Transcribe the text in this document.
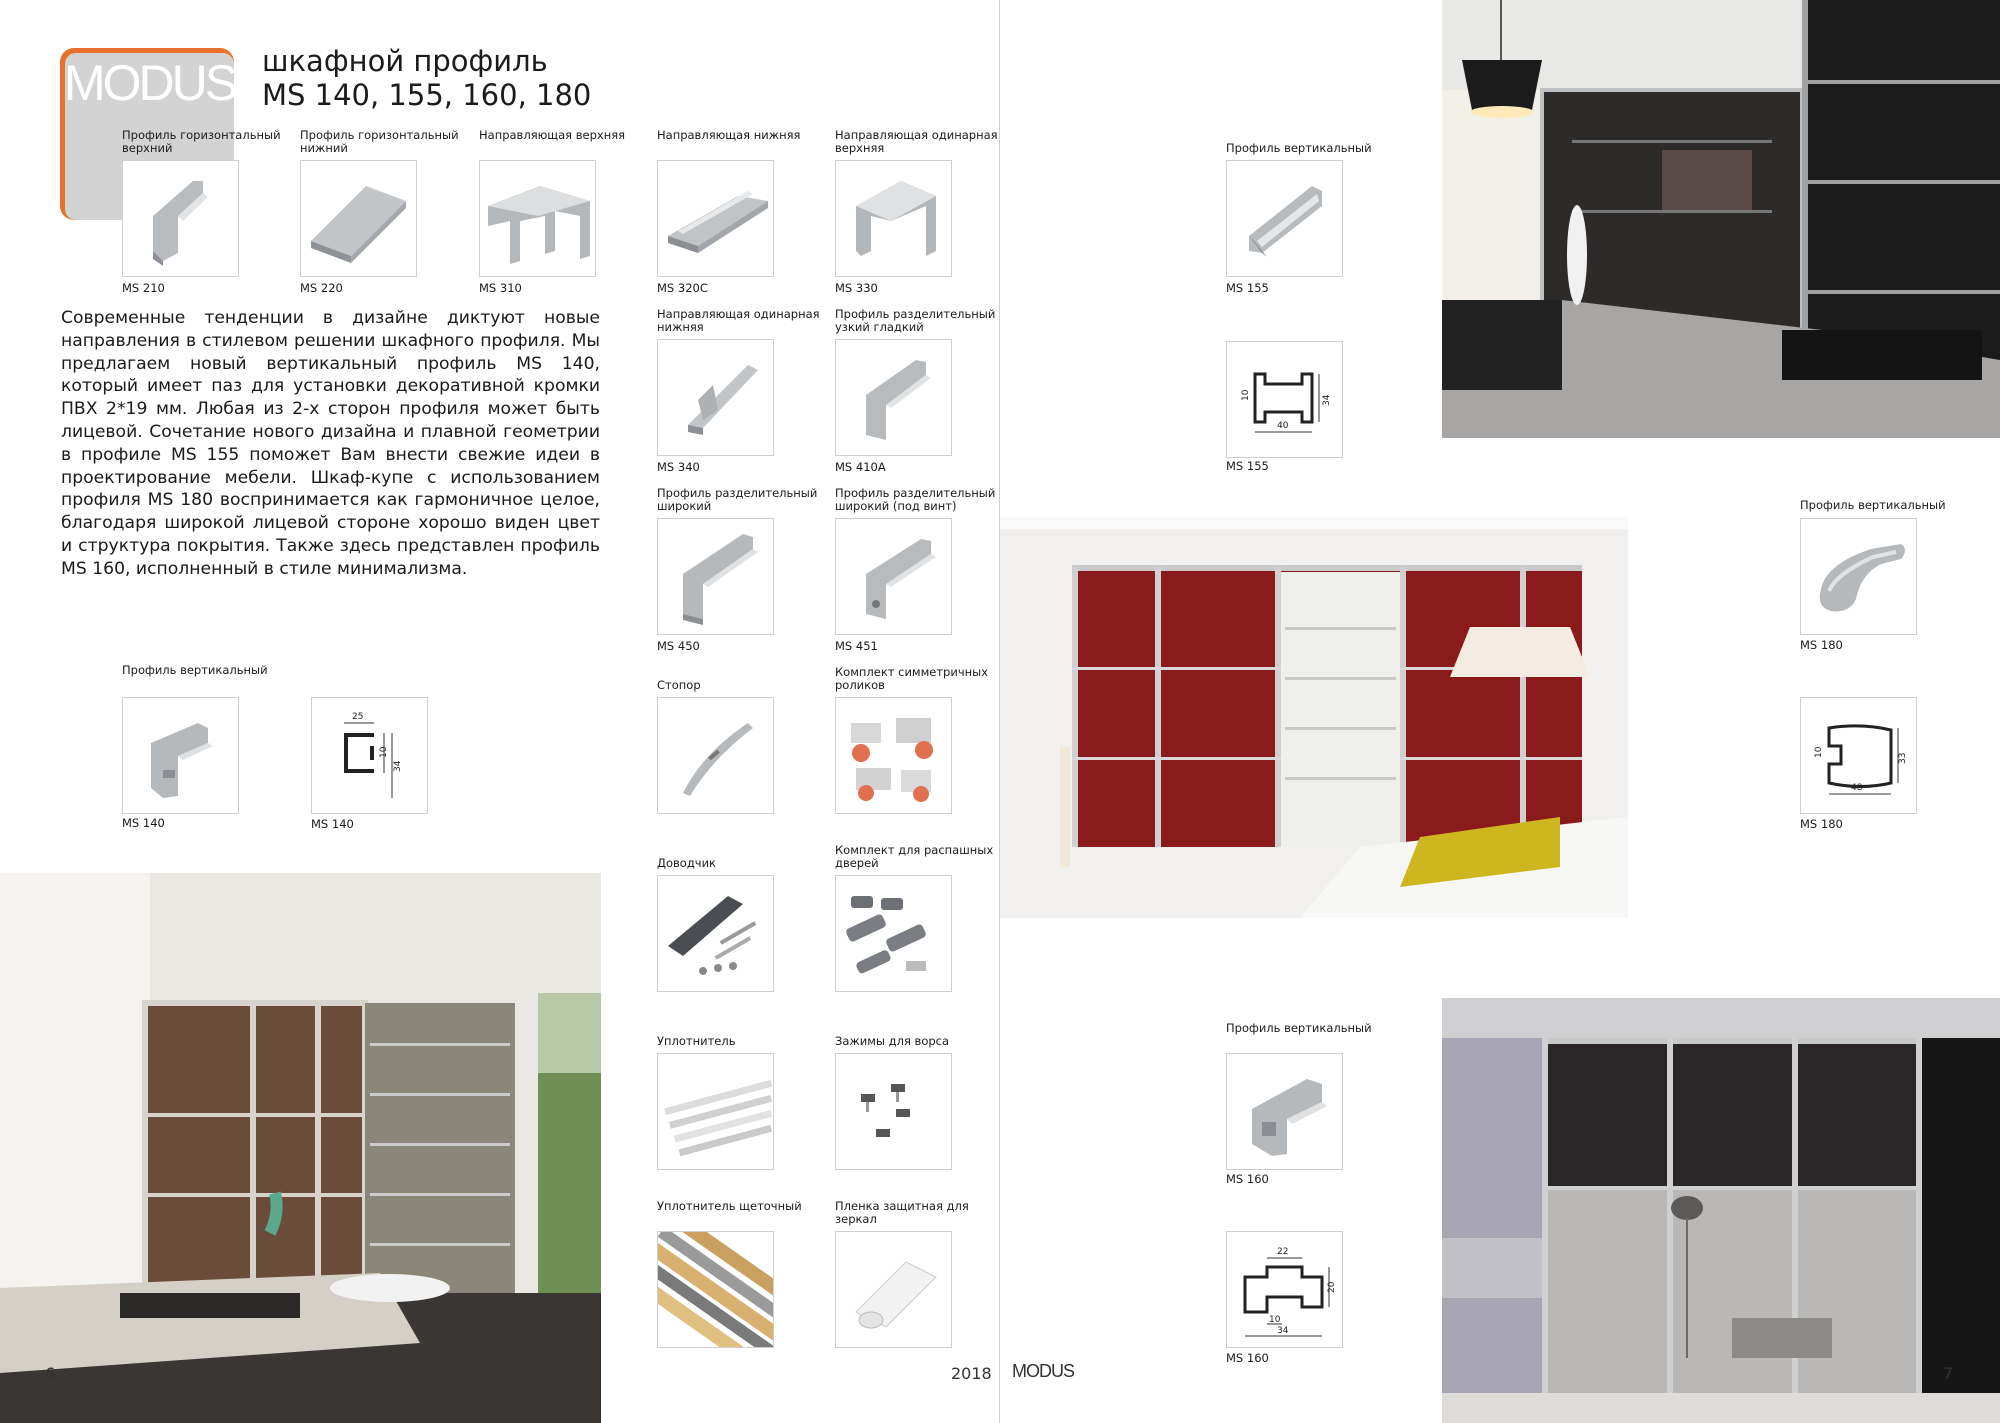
MODUS шкафной профиль
MS 140, 155, 160, 180
Современные тенденции в дизайне диктуют новые направления в стилевом решении шкафного профиля. Мы предлагаем новый вертикальный профиль MS 140, который имеет паз для установки декоративной кромки ПВХ 2*19 мм. Любая из 2-х сторон профиля может быть лицевой. Сочетание нового дизайна и плавной геометрии в профиле MS 155 поможет Вам внести свежие идеи в проектирование мебели. Шкаф-купе с использованием профиля MS 180 воспринимается как гармоничное целое, благодаря широкой лицевой стороне хорошо виден цвет и структура покрытия. Также здесь представлен профиль MS 160, исполненный в стиле минимализма.
Профиль горизонтальный верхний
MS 210
Профиль горизонтальный нижний
MS 220
Направляющая верхняя
MS 310
Направляющая нижняя
MS 320C
Направляющая одинарная верхняя
MS 330
Направляющая одинарная нижняя
MS 340
Профиль разделительный узкий гладкий
MS 410A
Профиль разделительный широкий
MS 450
Профиль разделительный широкий (под винт)
MS 451
Стопор
Комплект симметричных роликов
Доводчик
Комплект для распашных дверей
Уплотнитель	Зажимы для ворса
Уплотнитель щеточный	Пленка защитная для зеркал
Профиль вертикальный
MS 140
25
10
34
MS 140
Профиль вертикальный
MS 155
40
34
10
MS 155
Профиль вертикальный
MS 180
48
33
10
MS 180
Профиль вертикальный
MS 160
22
20
10
34
MS 160
6	2018 MODUS	7
